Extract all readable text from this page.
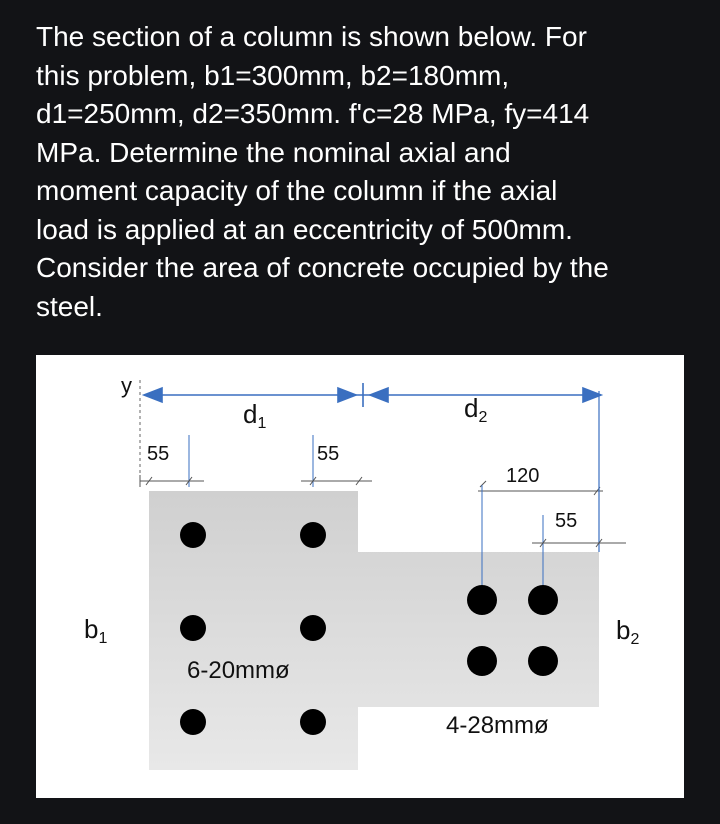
The section of a column is shown below. For
this problem, b1=300mm, b2=180mm,
d1=250mm, d2=350mm. f'c=28 MPa, fy=414
MPa. Determine the nominal axial and
moment capacity of the column if the axial
load is applied at an eccentricity of 500mm.
Consider the area of concrete occupied by the
steel.
y
d1
d2
55	55
120
55
6-20mmø
4-28mmø
b1	b2
